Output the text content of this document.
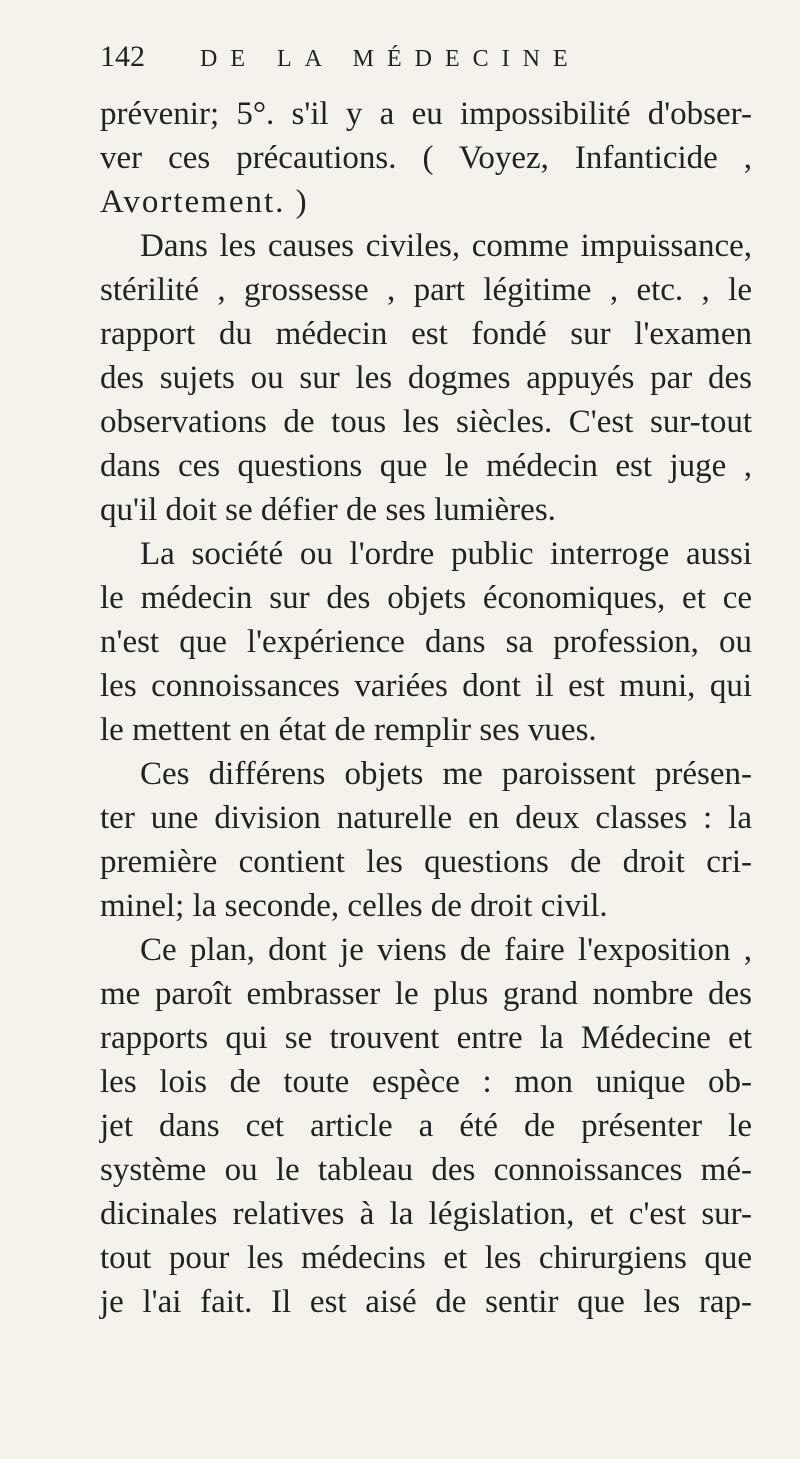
142	DE LA MÉDECINE
prévenir; 5°. s'il y a eu impossibilité d'obser-
ver ces précautions. ( Voyez, Infanticide ,
Avortement. )
Dans les causes civiles, comme impuissance,
stérilité , grossesse , part légitime , etc. , le
rapport du médecin est fondé sur l'examen
des sujets ou sur les dogmes appuyés par des
observations de tous les siècles. C'est sur-tout
dans ces questions que le médecin est juge ,
qu'il doit se défier de ses lumières.
La société ou l'ordre public interroge aussi
le médecin sur des objets économiques, et ce
n'est que l'expérience dans sa profession, ou
les connoissances variées dont il est muni, qui
le mettent en état de remplir ses vues.
Ces différens objets me paroissent présen-
ter une division naturelle en deux classes : la
première contient les questions de droit cri-
minel; la seconde, celles de droit civil.
Ce plan, dont je viens de faire l'exposition ,
me paroît embrasser le plus grand nombre des
rapports qui se trouvent entre la Médecine et
les lois de toute espèce : mon unique ob-
jet dans cet article a été de présenter le
système ou le tableau des connoissances mé-
dicinales relatives à la législation, et c'est sur-
tout pour les médecins et les chirurgiens que
je l'ai fait. Il est aisé de sentir que les rap-
